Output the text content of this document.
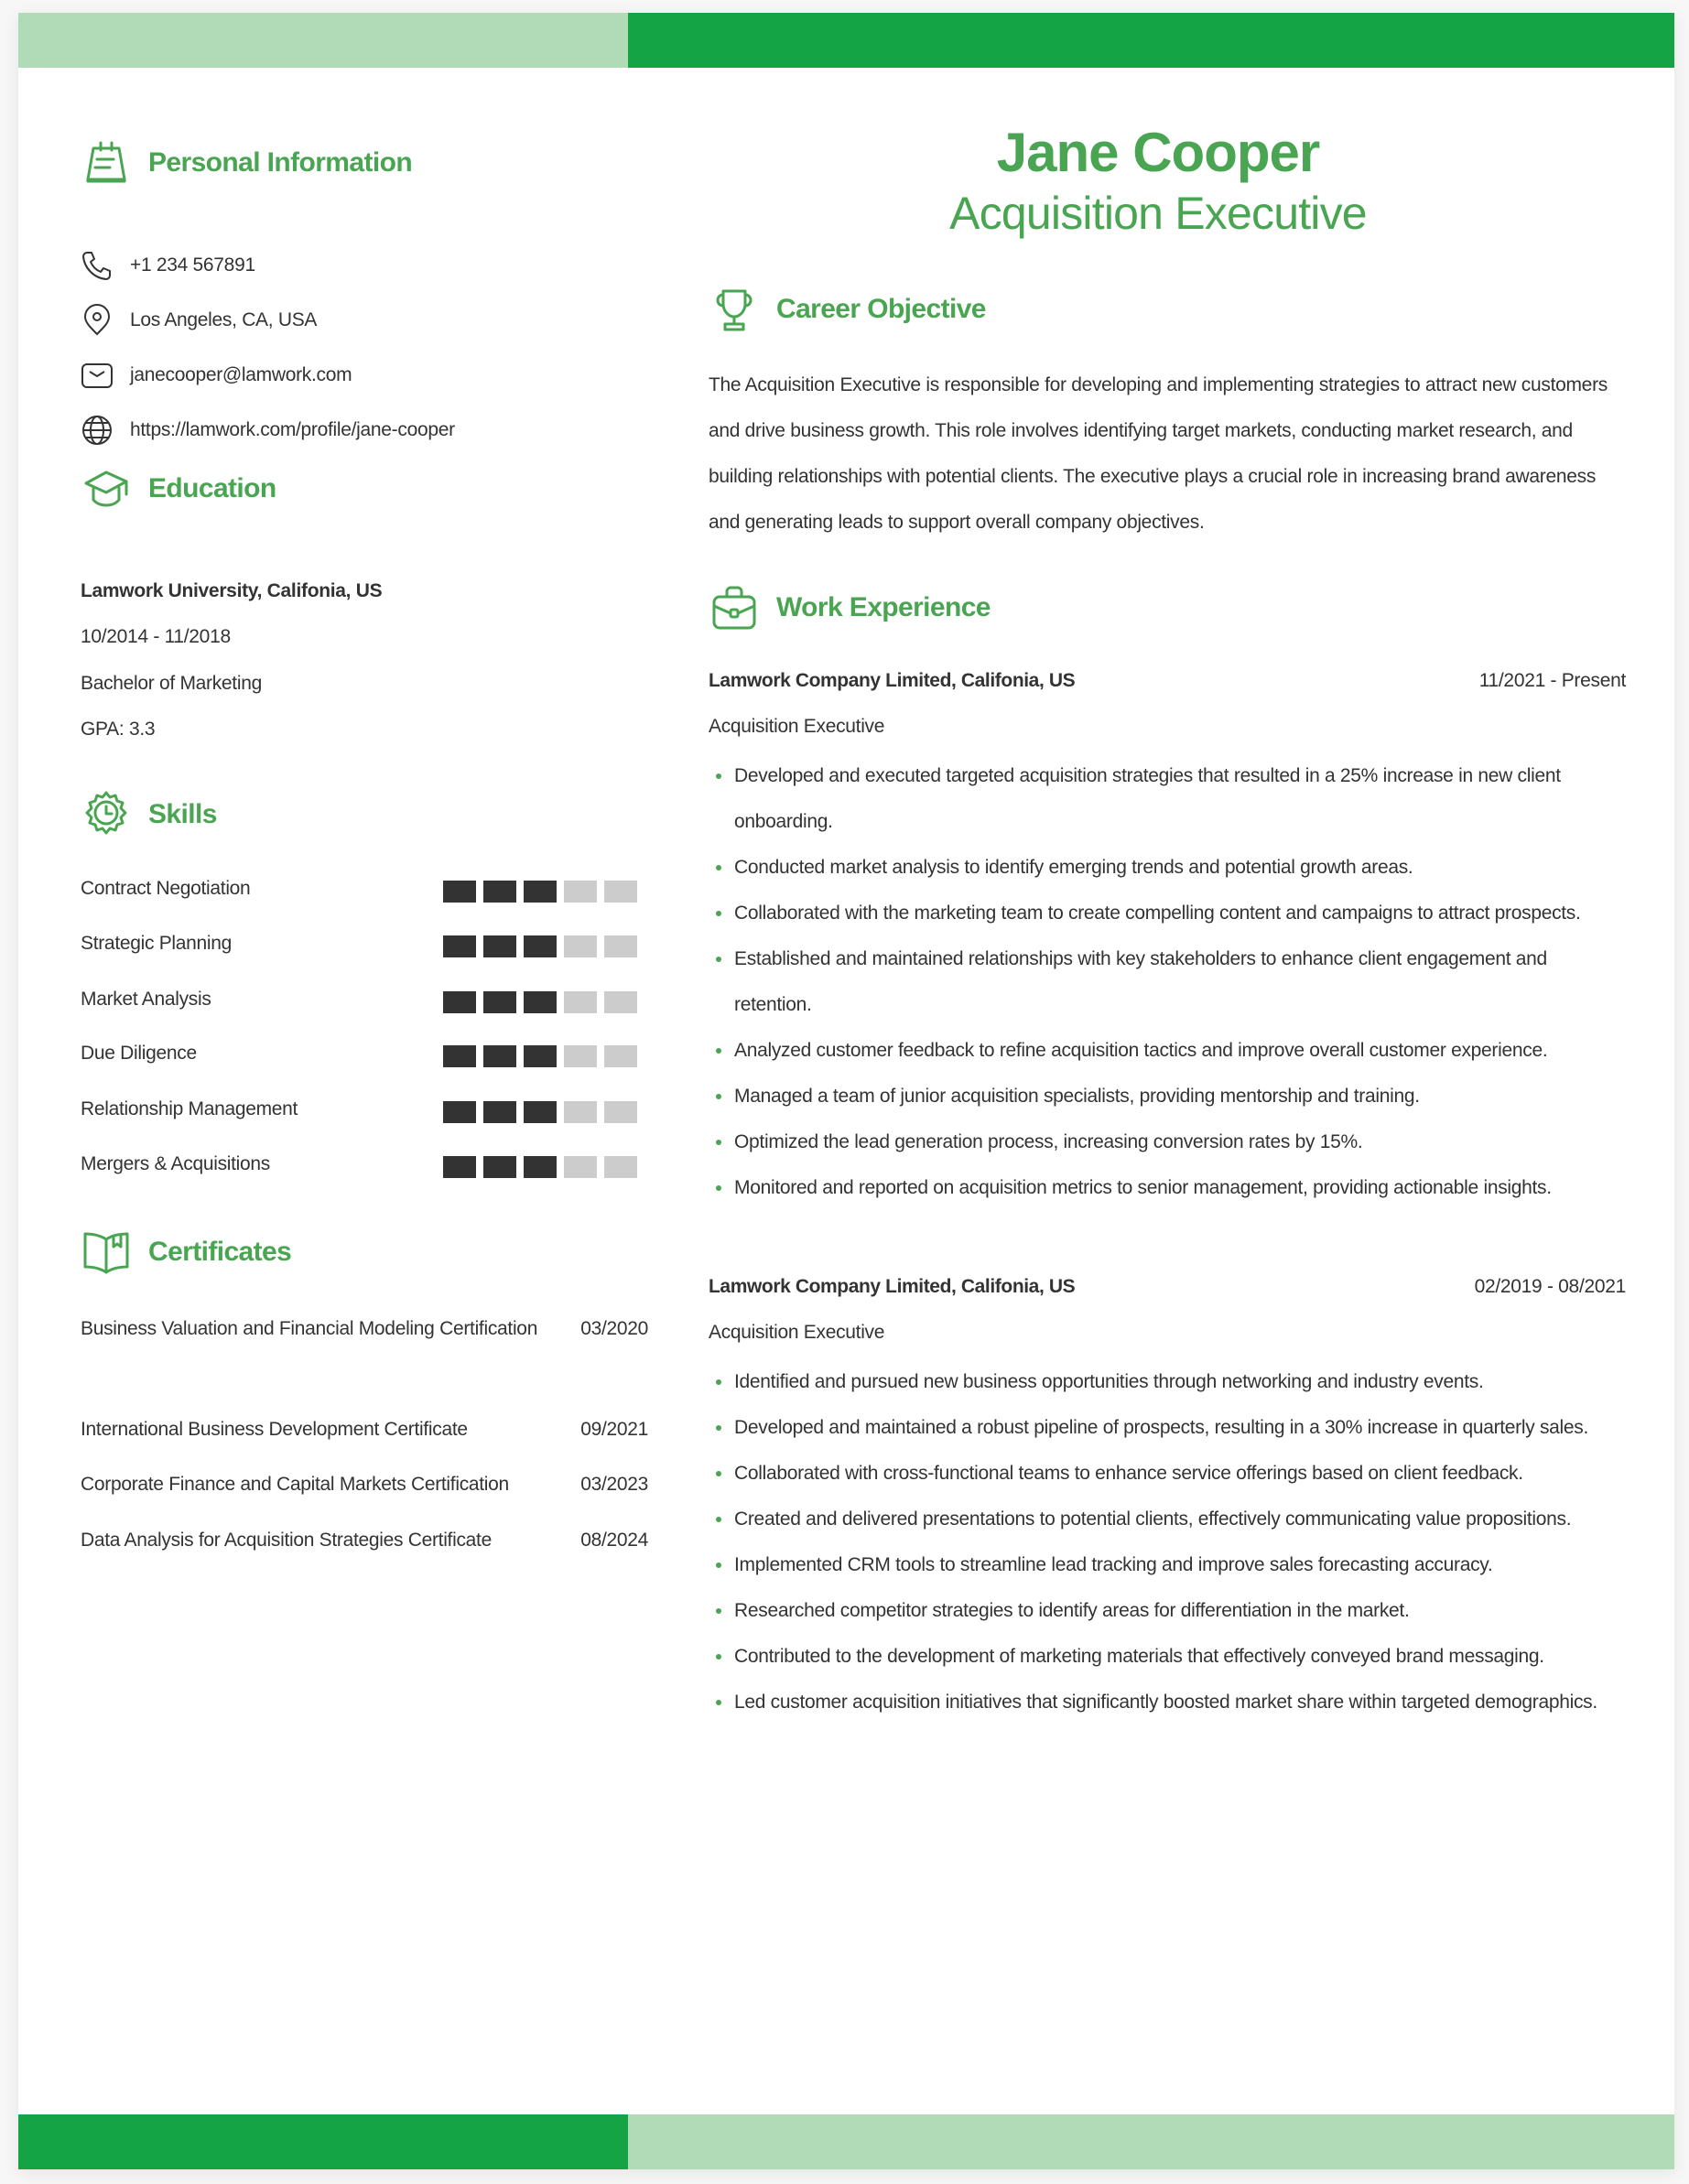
Personal Information
+1 234 567891
Los Angeles, CA, USA
janecooper@lamwork.com
https://lamwork.com/profile/jane-cooper
Education
Lamwork University, Califonia, US
10/2014 - 11/2018
Bachelor of Marketing
GPA: 3.3
Skills
Contract Negotiation
Strategic Planning
Market Analysis
Due Diligence
Relationship Management
Mergers & Acquisitions
Certificates
Business Valuation and Financial Modeling Certification 03/2020
International Business Development Certificate	09/2021
Corporate Finance and Capital Markets Certification	03/2023
Data Analysis for Acquisition Strategies Certificate	08/2024
Jane Cooper
Acquisition Executive
Career Objective
The Acquisition Executive is responsible for developing and implementing strategies to attract new customers and drive business growth. This role involves identifying target markets, conducting market research, and building relationships with potential clients. The executive plays a crucial role in increasing brand awareness and generating leads to support overall company objectives.
Work Experience
Lamwork Company Limited, Califonia, US	11/2021 - Present
Acquisition Executive
Developed and executed targeted acquisition strategies that resulted in a 25% increase in new client onboarding.
Conducted market analysis to identify emerging trends and potential growth areas.
Collaborated with the marketing team to create compelling content and campaigns to attract prospects.
Established and maintained relationships with key stakeholders to enhance client engagement and retention.
Analyzed customer feedback to refine acquisition tactics and improve overall customer experience.
Managed a team of junior acquisition specialists, providing mentorship and training.
Optimized the lead generation process, increasing conversion rates by 15%.
Monitored and reported on acquisition metrics to senior management, providing actionable insights.
Lamwork Company Limited, Califonia, US	02/2019 - 08/2021
Acquisition Executive
Identified and pursued new business opportunities through networking and industry events.
Developed and maintained a robust pipeline of prospects, resulting in a 30% increase in quarterly sales.
Collaborated with cross-functional teams to enhance service offerings based on client feedback.
Created and delivered presentations to potential clients, effectively communicating value propositions.
Implemented CRM tools to streamline lead tracking and improve sales forecasting accuracy.
Researched competitor strategies to identify areas for differentiation in the market.
Contributed to the development of marketing materials that effectively conveyed brand messaging.
Led customer acquisition initiatives that significantly boosted market share within targeted demographics.
